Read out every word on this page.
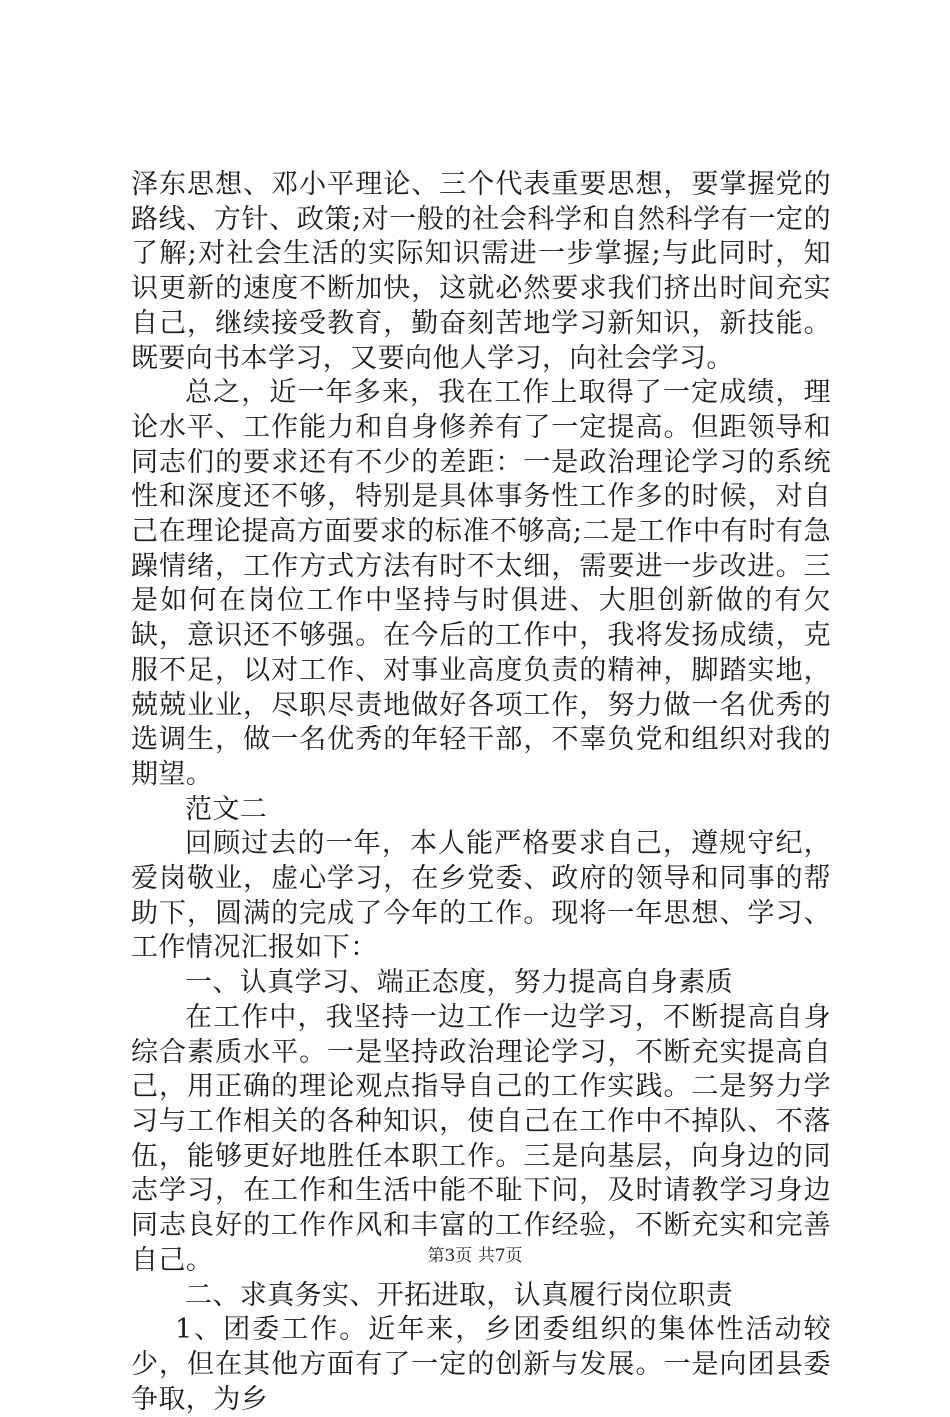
泽东思想、邓小平理论、三个代表重要思想，要掌握党的路线、方针、政策;对一般的社会科学和自然科学有一定的了解;对社会生活的实际知识需进一步掌握;与此同时，知识更新的速度不断加快，这就必然要求我们挤出时间充实自己，继续接受教育，勤奋刻苦地学习新知识，新技能。既要向书本学习，又要向他人学习，向社会学习。

总之，近一年多来，我在工作上取得了一定成绩，理论水平、工作能力和自身修养有了一定提高。但距领导和同志们的要求还有不少的差距：一是政治理论学习的系统性和深度还不够，特别是具体事务性工作多的时候，对自己在理论提高方面要求的标准不够高;二是工作中有时有急躁情绪，工作方式方法有时不太细，需要进一步改进。三是如何在岗位工作中坚持与时俱进、大胆创新做的有欠缺，意识还不够强。在今后的工作中，我将发扬成绩，克服不足，以对工作、对事业高度负责的精神，脚踏实地，兢兢业业，尽职尽责地做好各项工作，努力做一名优秀的选调生，做一名优秀的年轻干部，不辜负党和组织对我的期望。

范文二

回顾过去的一年，本人能严格要求自己，遵规守纪，爱岗敬业，虚心学习，在乡党委、政府的领导和同事的帮助下，圆满的完成了今年的工作。现将一年思想、学习、工作情况汇报如下：

一、认真学习、端正态度，努力提高自身素质

在工作中，我坚持一边工作一边学习，不断提高自身综合素质水平。一是坚持政治理论学习，不断充实提高自己，用正确的理论观点指导自己的工作实践。二是努力学习与工作相关的各种知识，使自己在工作中不掉队、不落伍，能够更好地胜任本职工作。三是向基层，向身边的同志学习，在工作和生活中能不耻下问，及时请教学习身边同志良好的工作作风和丰富的工作经验，不断充实和完善自己。

二、求真务实、开拓进取，认真履行岗位职责

1、团委工作。近年来，乡团委组织的集体性活动较少，但在其他方面有了一定的创新与发展。一是向团县委争取，为乡

第3页 共7页
